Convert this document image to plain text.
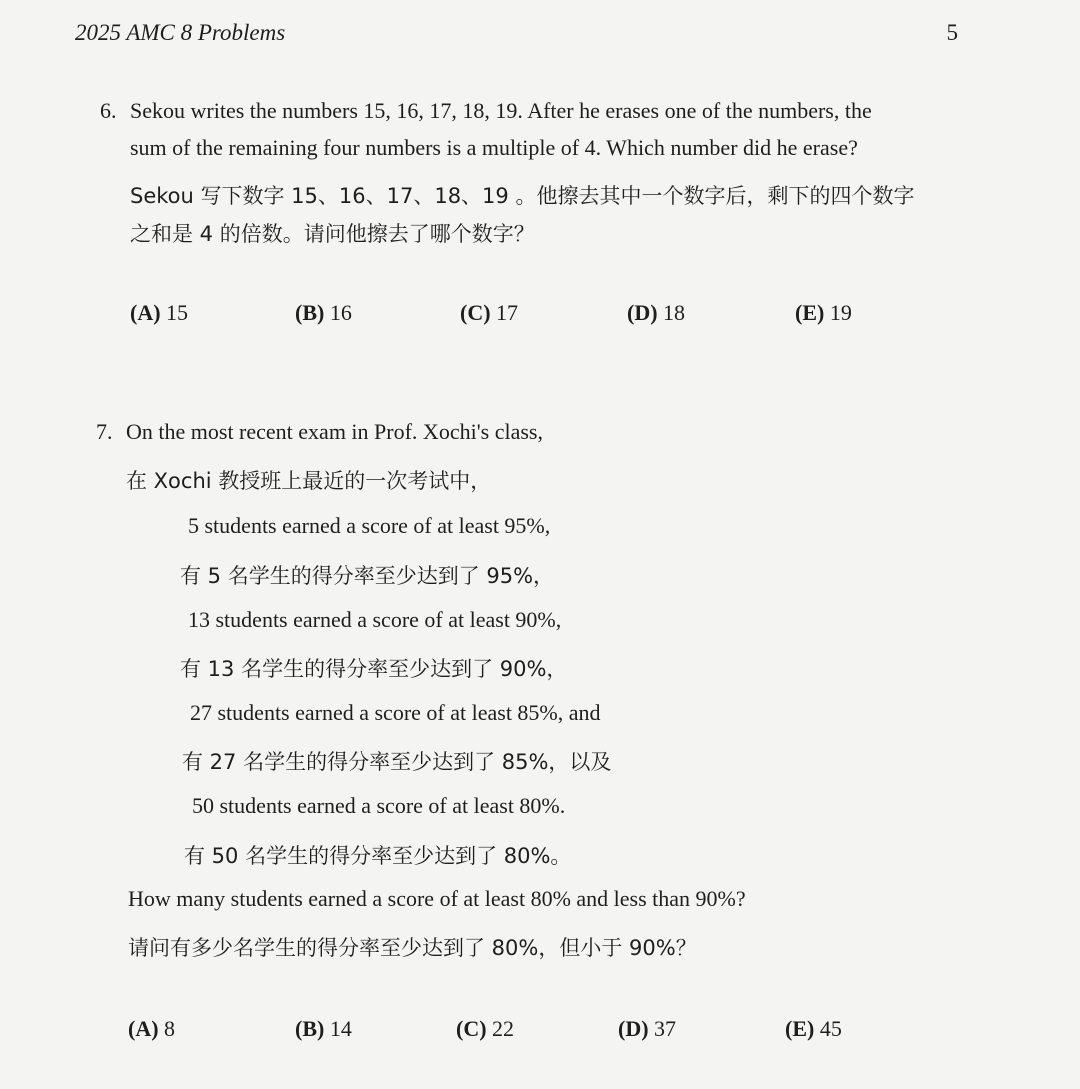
2025 AMC 8 Problems	5
6. Sekou writes the numbers 15, 16, 17, 18, 19. After he erases one of the numbers, the
sum of the remaining four numbers is a multiple of 4. Which number did he erase?
Sekou 写下数字 15、16、17、18、19 。他擦去其中一个数字后，剩下的四个数字
之和是 4 的倍数。请问他擦去了哪个数字？
(A) 15	(B) 16	(C) 17	(D) 18	(E) 19
7. On the most recent exam in Prof. Xochi's class,
在 Xochi 教授班上最近的一次考试中，
5 students earned a score of at least 95%,
有 5 名学生的得分率至少达到了 95%，
13 students earned a score of at least 90%,
有 13 名学生的得分率至少达到了 90%，
27 students earned a score of at least 85%, and
有 27 名学生的得分率至少达到了 85%，以及
50 students earned a score of at least 80%.
有 50 名学生的得分率至少达到了 80%。
How many students earned a score of at least 80% and less than 90%?
请问有多少名学生的得分率至少达到了 80%，但小于 90%？
(A) 8	(B) 14	(C) 22	(D) 37	(E) 45
